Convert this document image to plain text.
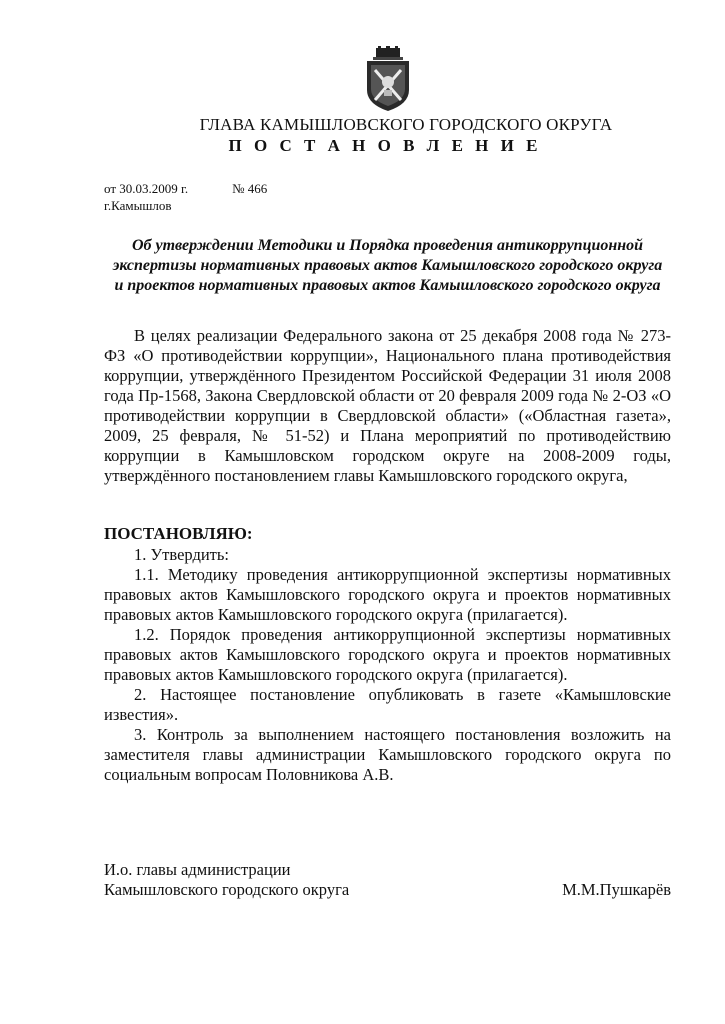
ГЛАВА КАМЫШЛОВСКОГО ГОРОДСКОГО ОКРУГА
П О С Т А Н О В Л Е Н И Е
от 30.03.2009 г.	№ 466
г.Камышлов
Об утверждении Методики и Порядка проведения антикоррупционной экспертизы нормативных правовых актов Камышловского городского округа и проектов нормативных правовых актов Камышловского городского округа
В целях реализации Федерального закона от 25 декабря 2008 года № 273-ФЗ «О противодействии коррупции», Национального плана противодействия коррупции, утверждённого Президентом Российской Федерации 31 июля 2008 года Пр-1568, Закона Свердловской области от 20 февраля 2009 года № 2-ОЗ «О противодействии коррупции в Свердловской области» («Областная газета», 2009, 25 февраля, № 51-52) и Плана мероприятий по противодействию коррупции в Камышловском городском округе на 2008-2009 годы, утверждённого постановлением главы Камышловского городского округа,
ПОСТАНОВЛЯЮ:

1. Утвердить:

1.1. Методику проведения антикоррупционной экспертизы нормативных правовых актов Камышловского городского округа и проектов нормативных правовых актов Камышловского городского округа (прилагается).

1.2. Порядок проведения антикоррупционной экспертизы нормативных правовых актов Камышловского городского округа и проектов нормативных правовых актов Камышловского городского округа (прилагается).

2. Настоящее постановление опубликовать в газете «Камышловские известия».

3. Контроль за выполнением настоящего постановления возложить на заместителя главы администрации Камышловского городского округа по социальным вопросам Половникова А.В.

И.о. главы администрации
Камышловского городского округа	М.М.Пушкарёв
